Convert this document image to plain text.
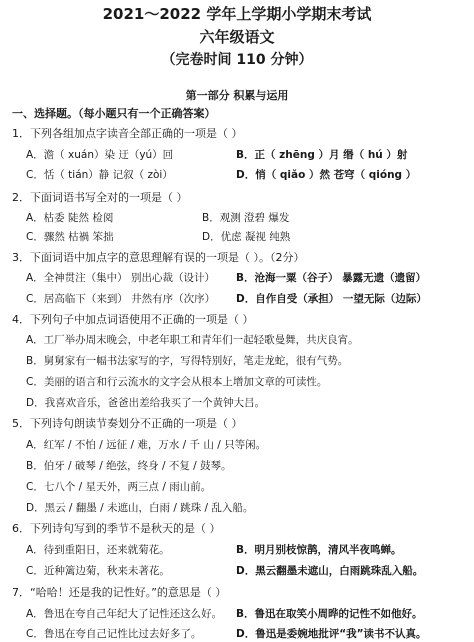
2021～2022 学年上学期小学期末考试
六年级语文
（完卷时间 110 分钟）
第一部分 积累与运用
一、选择题。（每小题只有一个正确答案）
1．下列各组加点字读音全部正确的一项是（ ）
A．澹（ xuán）染 迂（yú）回	B．正（ zhēng ）月 缗（ hú ）射
C．恬（ tián）静 记叙（ zòi）	D．悄（ qiǎo ）然 苍穹（ qióng ）
2．下面词语书写全对的一项是（ ）
A．枯委 陡然 检阅	B．观测 澄碧 爆发
C．骤然 枯禍 笨拙	D．优虑 凝视 纯熟
3．下面词语中加点字的意思理解有误的一项是（ ）。（2分）
A．全神贯注（集中） 别出心裁（设计） B．沧海一粟（谷子） 暴露无遗（遗留）
C．居高临下（来到） 井然有序（次序） D．自作自受（承担） 一望无际（边际）
4．下列句子中加点词语使用不正确的一项是（ ）
A．工厂举办周末晚会，中老年职工和青年们一起轻歌曼舞，共庆良宵。
B．舅舅家有一幅书法家写的字，写得特别好，笔走龙蛇，很有气势。
C．美丽的语言和行云流水的文字会从根本上增加文章的可读性。
D．我喜欢音乐，爸爸出差给我买了一个黄钟大吕。
5．下列诗句朗读节奏划分不正确的一项是（ ）
A．红军 / 不怕 / 远征 / 难，万水 / 千 山 / 只等闲。
B．伯牙 / 破琴 / 绝弦，终身 / 不复 / 鼓琴。
C．七八个 / 星天外，两三点 / 雨山前。
D．黑云 / 翻墨 / 未遮山，白雨 / 跳珠 / 乱入船。
6．下列诗句写到的季节不是秋天的是（ ）
A．待到重阳日，还来就菊花。	B．明月别枝惊鹊，清风半夜鸣蝉。
C．近种篱边菊，秋来未著花。	D．黑云翻墨未遮山，白雨跳珠乱入船。
7．“哈哈！还是我的记性好。”的意思是（ ）
A．鲁迅在夸自己年纪大了记性还这么好。 B．鲁迅在取笑小周晔的记性不如他好。
C．鲁迅在夸自己记性比过去好多了。	D．鲁迅是委婉地批评“我”读书不认真。
